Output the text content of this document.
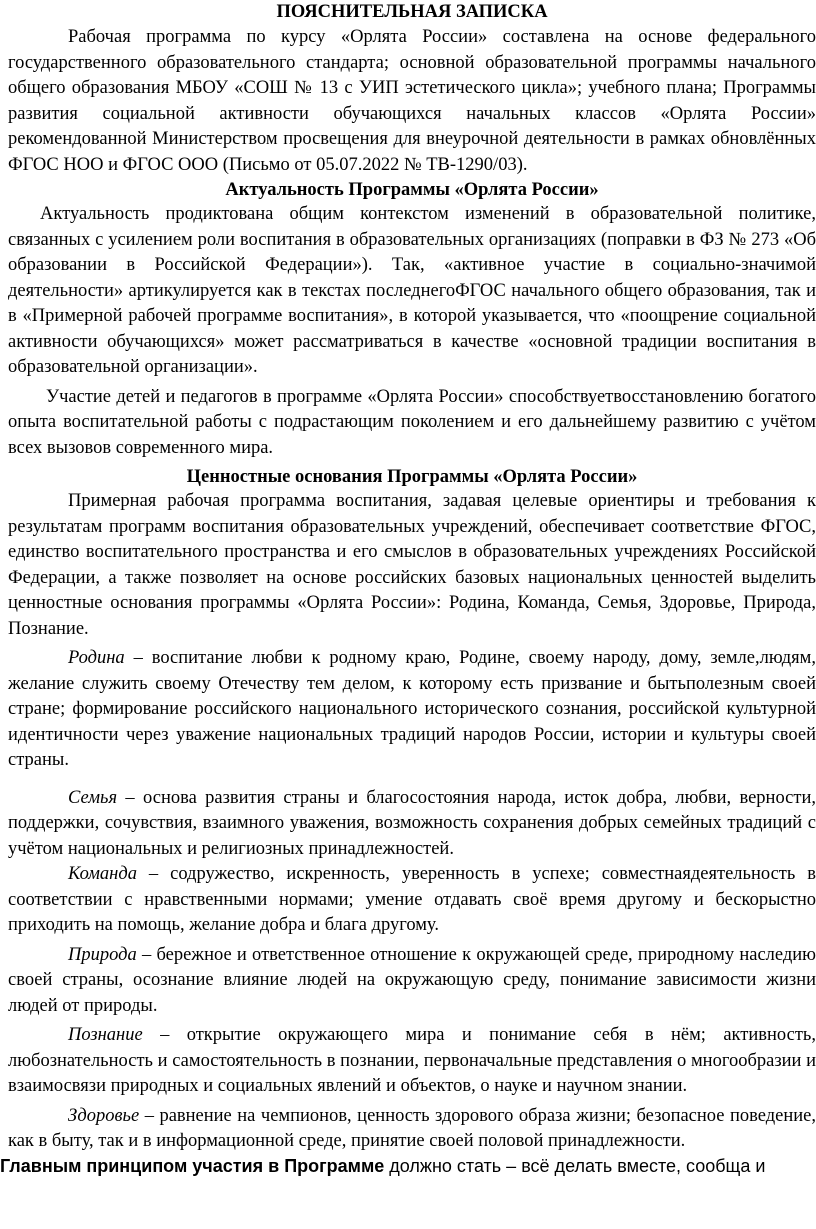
ПОЯСНИТЕЛЬНАЯ ЗАПИСКА

Рабочая программа по курсу «Орлята России» составлена на основе федерального государственного образовательного стандарта; основной образовательной программы начального общего образования МБОУ «СОШ № 13 с УИП эстетического цикла»; учебного плана; Программы развития социальной активности обучающихся начальных классов «Орлята России» рекомендованной Министерством просвещения для внеурочной деятельности в рамках обновлённых ФГОС НОО и ФГОС ООО (Письмо от 05.07.2022 № ТВ-1290/03).

Актуальность Программы «Орлята России»

Актуальность продиктована общим контекстом изменений в образовательной политике, связанных с усилением роли воспитания в образовательных организациях (поправки в ФЗ № 273 «Об образовании в Российской Федерации»). Так, «активное участие в социально-значимой деятельности» артикулируется как в текстах последнегоФГОС начального общего образования, так и в «Примерной рабочей программе воспитания», в которой указывается, что «поощрение социальной активности обучающихся» может рассматриваться в качестве «основной традиции воспитания в образовательной организации».

Участие детей и педагогов в программе «Орлята России» способствуетвосстановлению богатого опыта воспитательной работы с подрастающим поколением и его дальнейшему развитию с учётом всех вызовов современного мира.

Ценностные основания Программы «Орлята России»

Примерная рабочая программа воспитания, задавая целевые ориентиры и требования к результатам программ воспитания образовательных учреждений, обеспечивает соответствие ФГОС, единство воспитательного пространства и его смыслов в образовательных учреждениях Российской Федерации, а также позволяет на основе российских базовых национальных ценностей выделить ценностные основания программы «Орлята России»: Родина, Команда, Семья, Здоровье, Природа, Познание.

Родина – воспитание любви к родному краю, Родине, своему народу, дому, земле,людям, желание служить своему Отечеству тем делом, к которому есть призвание и бытьполезным своей стране; формирование российского национального исторического сознания, российской культурной идентичности через уважение национальных традиций народов России, истории и культуры своей страны.

Семья – основа развития страны и благосостояния народа, исток добра, любви, верности, поддержки, сочувствия, взаимного уважения, возможность сохранения добрых семейных традиций с учётом национальных и религиозных принадлежностей.

Команда – содружество, искренность, уверенность в успехе; совместнаядеятельность в соответствии с нравственными нормами; умение отдавать своё время другому и бескорыстно приходить на помощь, желание добра и блага другому.

Природа – бережное и ответственное отношение к окружающей среде, природному наследию своей страны, осознание влияние людей на окружающую среду, понимание зависимости жизни людей от природы.

Познание – открытие окружающего мира и понимание себя в нём; активность, любознательность и самостоятельность в познании, первоначальные представления о многообразии и взаимосвязи природных и социальных явлений и объектов, о науке и научном знании.

Здоровье – равнение на чемпионов, ценность здорового образа жизни; безопасное поведение, как в быту, так и в информационной среде, принятие своей половой принадлежности.

Главным принципом участия в Программе должно стать – всё делать вместе, сообща и
